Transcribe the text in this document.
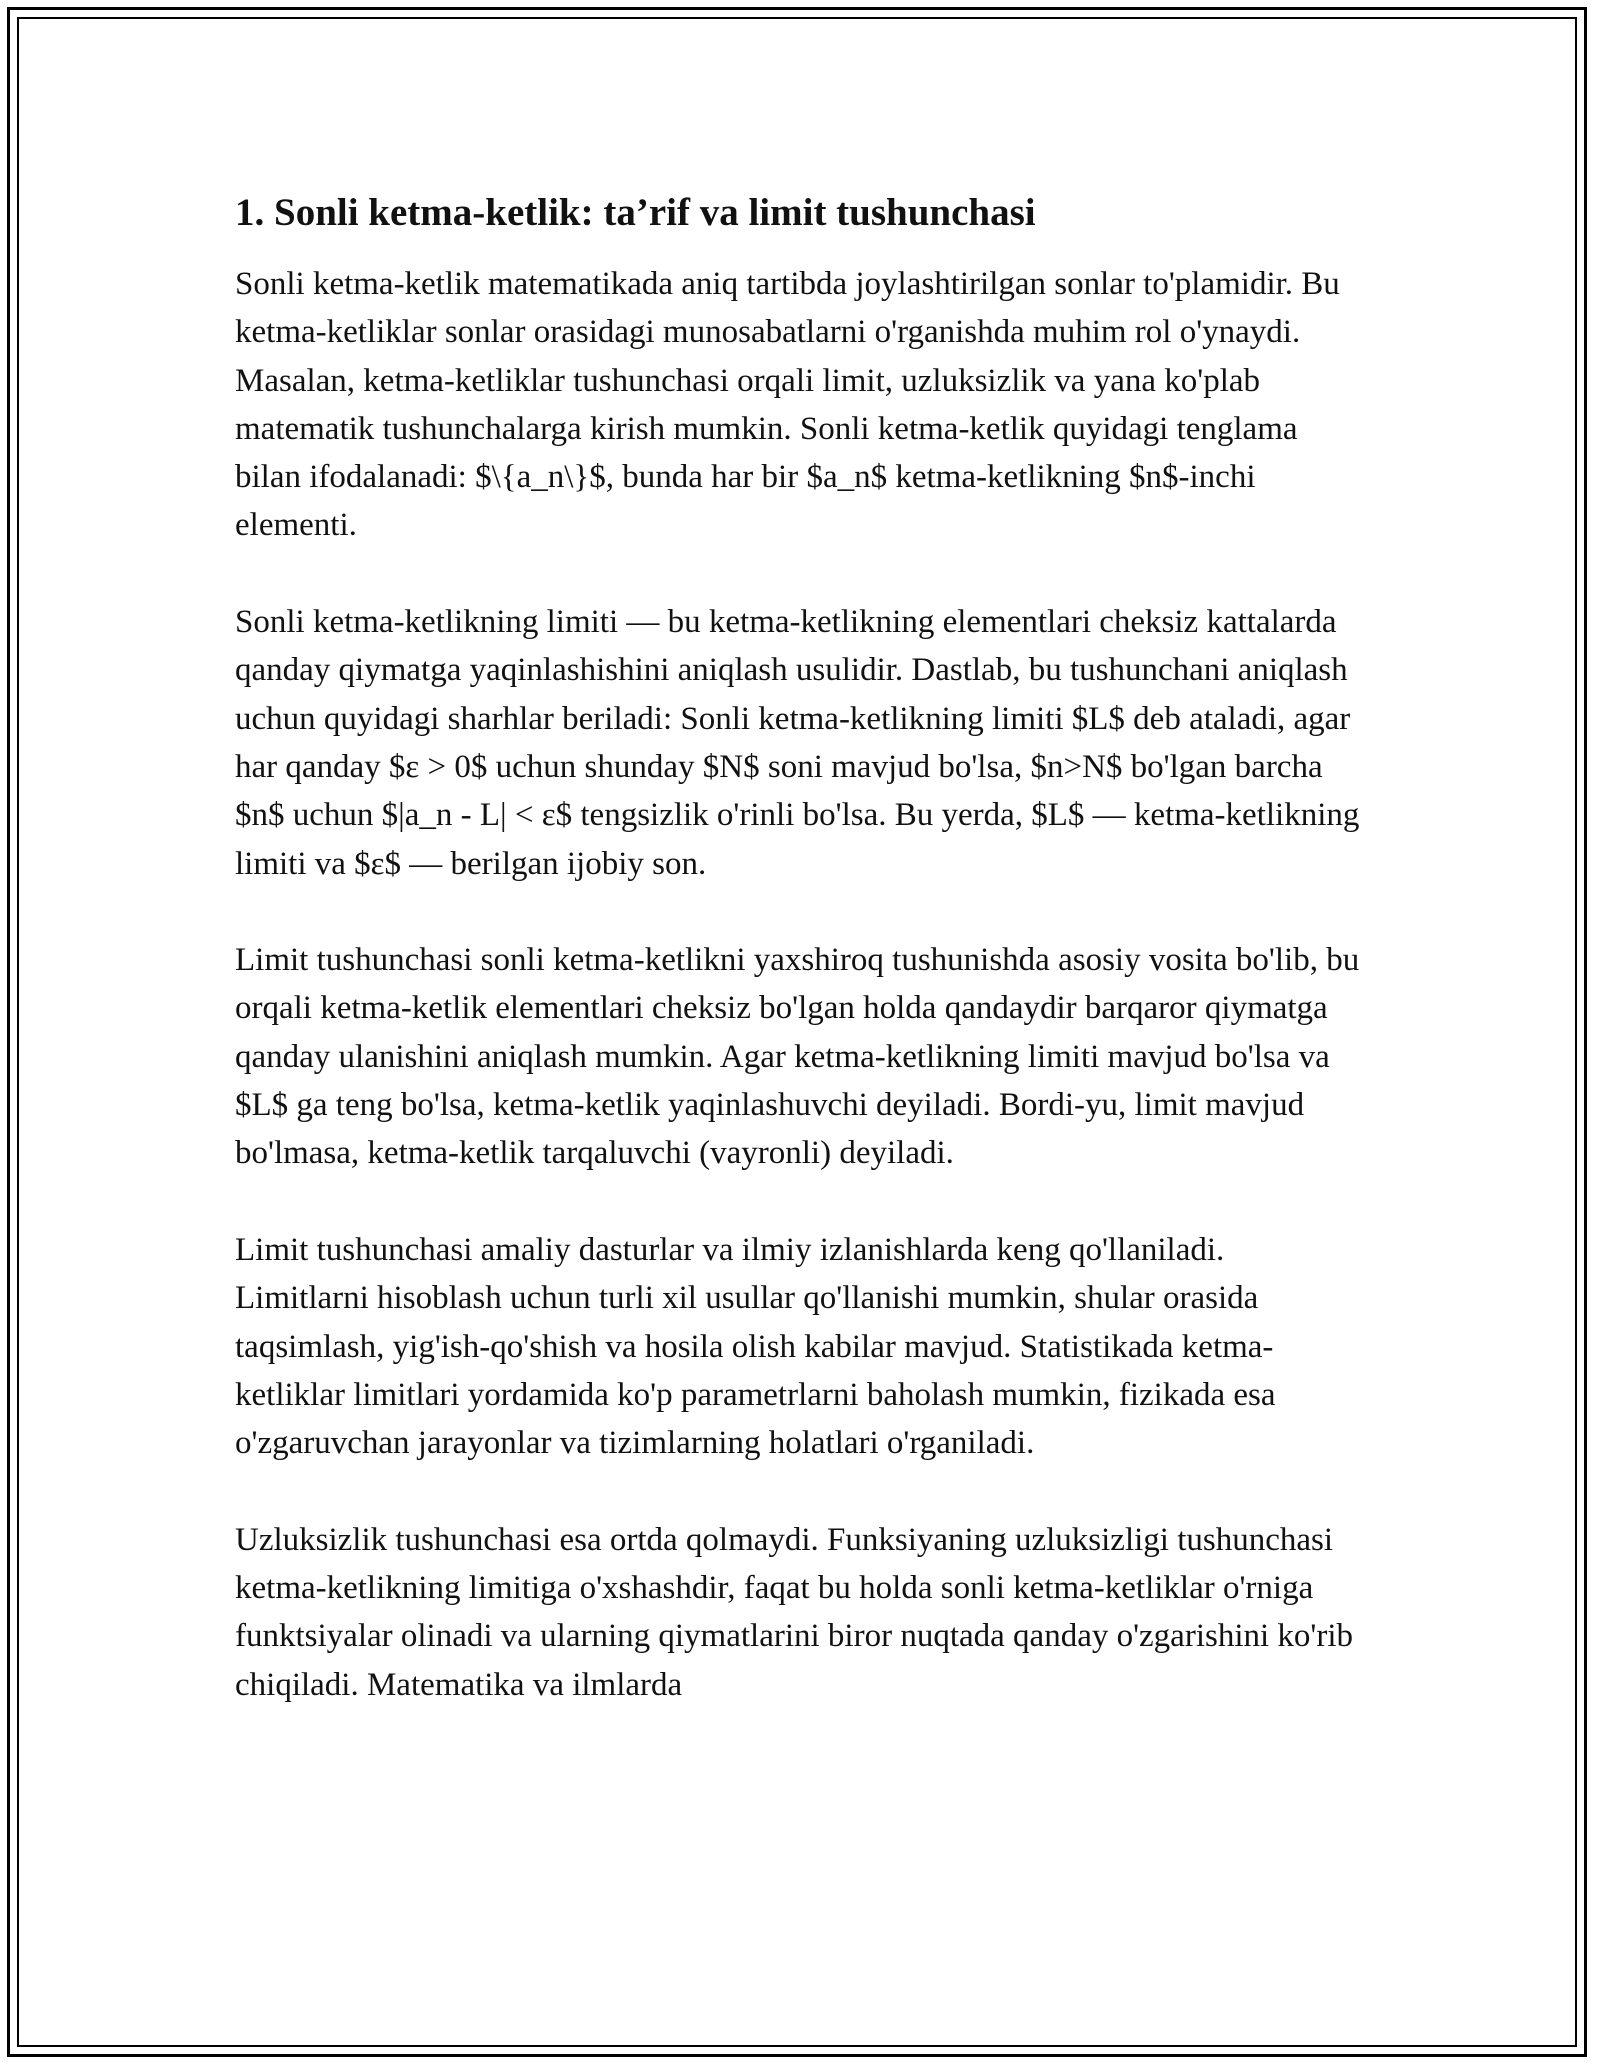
1. Sonli ketma-ketlik: ta’rif va limit tushunchasi

Sonli ketma-ketlik matematikada aniq tartibda joylashtirilgan sonlar to'plamidir. Bu ketma-ketliklar sonlar orasidagi munosabatlarni o'rganishda muhim rol o'ynaydi. Masalan, ketma-ketliklar tushunchasi orqali limit, uzluksizlik va yana ko'plab matematik tushunchalarga kirish mumkin. Sonli ketma-ketlik quyidagi tenglama bilan ifodalanadi: $\{a_n\}$, bunda har bir $a_n$ ketma-ketlikning $n$-inchi elementi.

Sonli ketma-ketlikning limiti — bu ketma-ketlikning elementlari cheksiz kattalarda qanday qiymatga yaqinlashishini aniqlash usulidir. Dastlab, bu tushunchani aniqlash uchun quyidagi sharhlar beriladi: Sonli ketma-ketlikning limiti $L$ deb ataladi, agar har qanday $ε > 0$ uchun shunday $N$ soni mavjud bo'lsa, $n>N$ bo'lgan barcha $n$ uchun $|a_n - L| < ε$ tengsizlik o'rinli bo'lsa. Bu yerda, $L$ — ketma-ketlikning limiti va $ε$ — berilgan ijobiy son.

Limit tushunchasi sonli ketma-ketlikni yaxshiroq tushunishda asosiy vosita bo'lib, bu orqali ketma-ketlik elementlari cheksiz bo'lgan holda qandaydir barqaror qiymatga qanday ulanishini aniqlash mumkin. Agar ketma-ketlikning limiti mavjud bo'lsa va $L$ ga teng bo'lsa, ketma-ketlik yaqinlashuvchi deyiladi. Bordi-yu, limit mavjud bo'lmasa, ketma-ketlik tarqaluvchi (vayronli) deyiladi.

Limit tushunchasi amaliy dasturlar va ilmiy izlanishlarda keng qo'llaniladi. Limitlarni hisoblash uchun turli xil usullar qo'llanishi mumkin, shular orasida taqsimlash, yig'ish-qo'shish va hosila olish kabilar mavjud. Statistikada ketma-ketliklar limitlari yordamida ko'p parametrlarni baholash mumkin, fizikada esa o'zgaruvchan jarayonlar va tizimlarning holatlari o'rganiladi.

Uzluksizlik tushunchasi esa ortda qolmaydi. Funksiyaning uzluksizligi tushunchasi ketma-ketlikning limitiga o'xshashdir, faqat bu holda sonli ketma-ketliklar o'rniga funktsiyalar olinadi va ularning qiymatlarini biror nuqtada qanday o'zgarishini ko'rib chiqiladi. Matematika va ilmlarda
